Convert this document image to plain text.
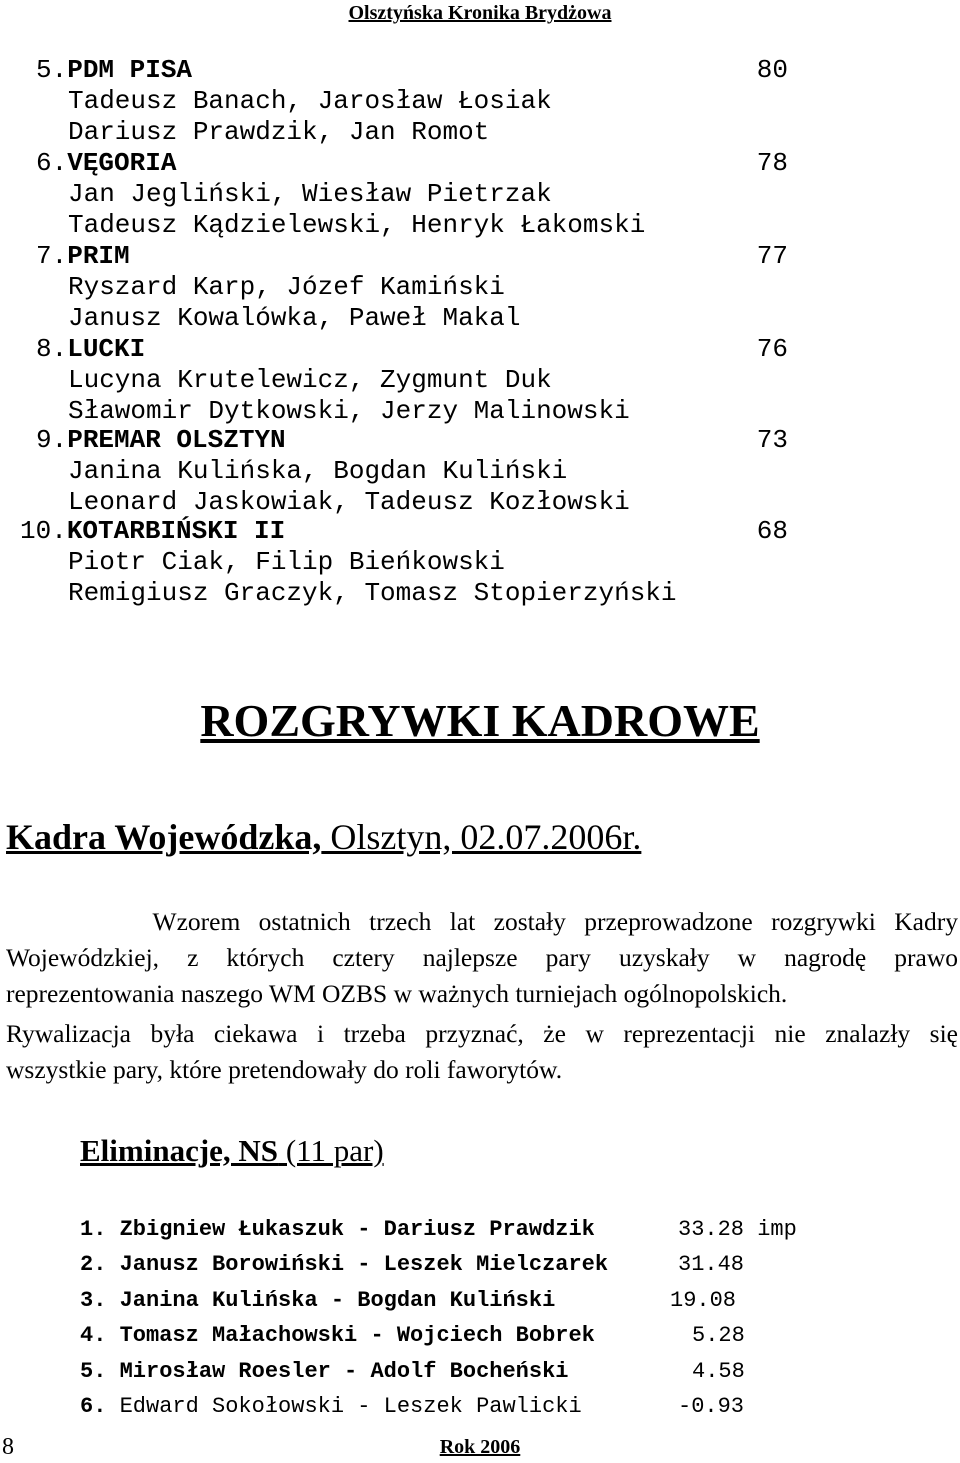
Olsztyńska Kronika Brydżowa
5.PDM PISA	80
Tadeusz Banach, Jarosław Łosiak
Dariusz Prawdzik, Jan Romot
6.VĘGORIA	78
Jan Jegliński, Wiesław Pietrzak
Tadeusz Kądzielewski, Henryk Łakomski
7.PRIM	77
Ryszard Karp, Józef Kamiński
Janusz Kowalówka, Paweł Makal
8.LUCKI	76
Lucyna Krutelewicz, Zygmunt Duk
Sławomir Dytkowski, Jerzy Malinowski
9.PREMAR OLSZTYN	73
Janina Kulińska, Bogdan Kuliński
Leonard Jaskowiak, Tadeusz Kozłowski
10.KOTARBIŃSKI II	68
Piotr Ciak, Filip Bieńkowski
Remigiusz Graczyk, Tomasz Stopierzyński
ROZGRYWKI KADROWE
Kadra Wojewódzka, Olsztyn, 02.07.2006r.
Wzorem ostatnich trzech lat zostały przeprowadzone rozgrywki Kadry
Wojewódzkiej, z których cztery najlepsze pary uzyskały w nagrodę prawo
reprezentowania naszego WM OZBS w ważnych turniejach ogólnopolskich.
Rywalizacja była ciekawa i trzeba przyznać, że w reprezentacji nie znalazły się
wszystkie pary, które pretendowały do roli faworytów.
Eliminacje, NS (11 par)
1. Zbigniew Łukaszuk - Dariusz Prawdzik	33.28 imp
2. Janusz Borowiński - Leszek Mielczarek	31.48
3. Janina Kulińska - Bogdan Kuliński	19.08
4. Tomasz Małachowski - Wojciech Bobrek	5.28
5. Mirosław Roesler - Adolf Bocheński	4.58
6. Edward Sokołowski - Leszek Pawlicki	-0.93
8	Rok 2006
